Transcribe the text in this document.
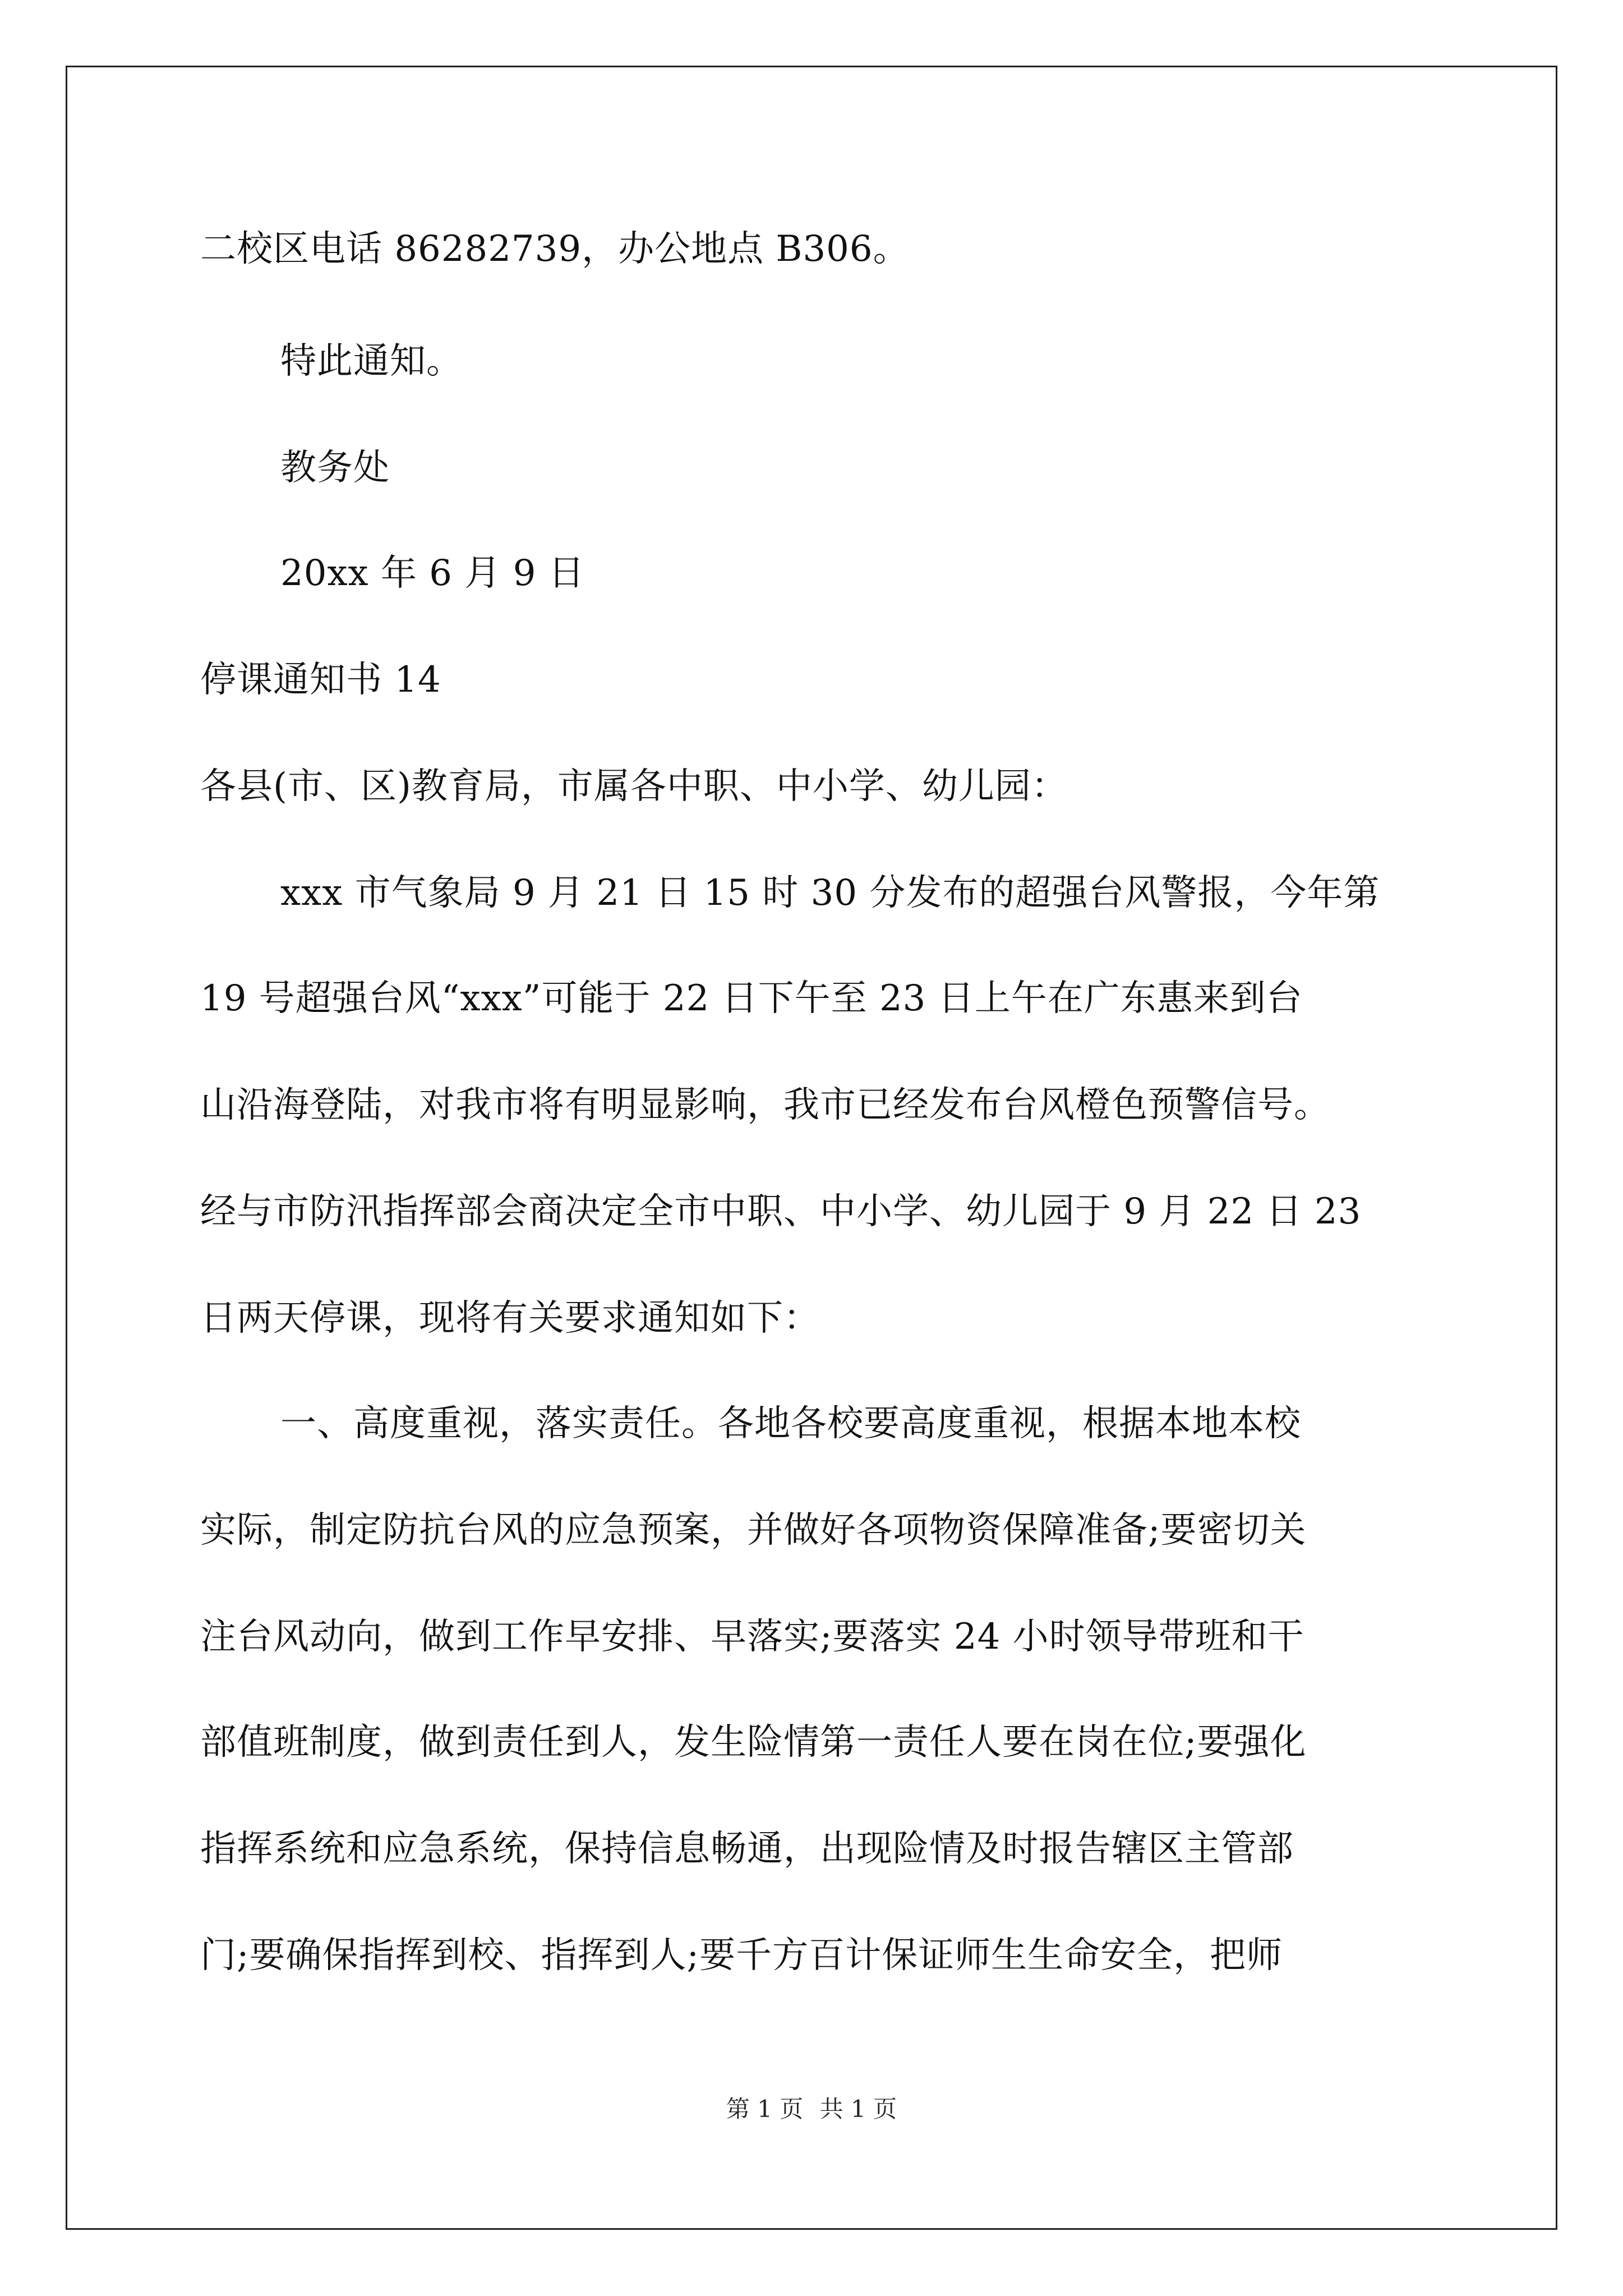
二校区电话 86282739，办公地点 B306。
特此通知。
教务处
20xx 年 6 月 9 日
停课通知书 14
各县(市、区)教育局，市属各中职、中小学、幼儿园：
xxx 市气象局 9 月 21 日 15 时 30 分发布的超强台风警报，今年第
19 号超强台风“xxx”可能于 22 日下午至 23 日上午在广东惠来到台
山沿海登陆，对我市将有明显影响，我市已经发布台风橙色预警信号。
经与市防汛指挥部会商决定全市中职、中小学、幼儿园于 9 月 22 日 23
日两天停课，现将有关要求通知如下：
一、高度重视，落实责任。各地各校要高度重视，根据本地本校
实际，制定防抗台风的应急预案，并做好各项物资保障准备;要密切关
注台风动向，做到工作早安排、早落实;要落实 24 小时领导带班和干
部值班制度，做到责任到人，发生险情第一责任人要在岗在位;要强化
指挥系统和应急系统，保持信息畅通，出现险情及时报告辖区主管部
门;要确保指挥到校、指挥到人;要千方百计保证师生生命安全，把师
第 1 页 共 1 页
